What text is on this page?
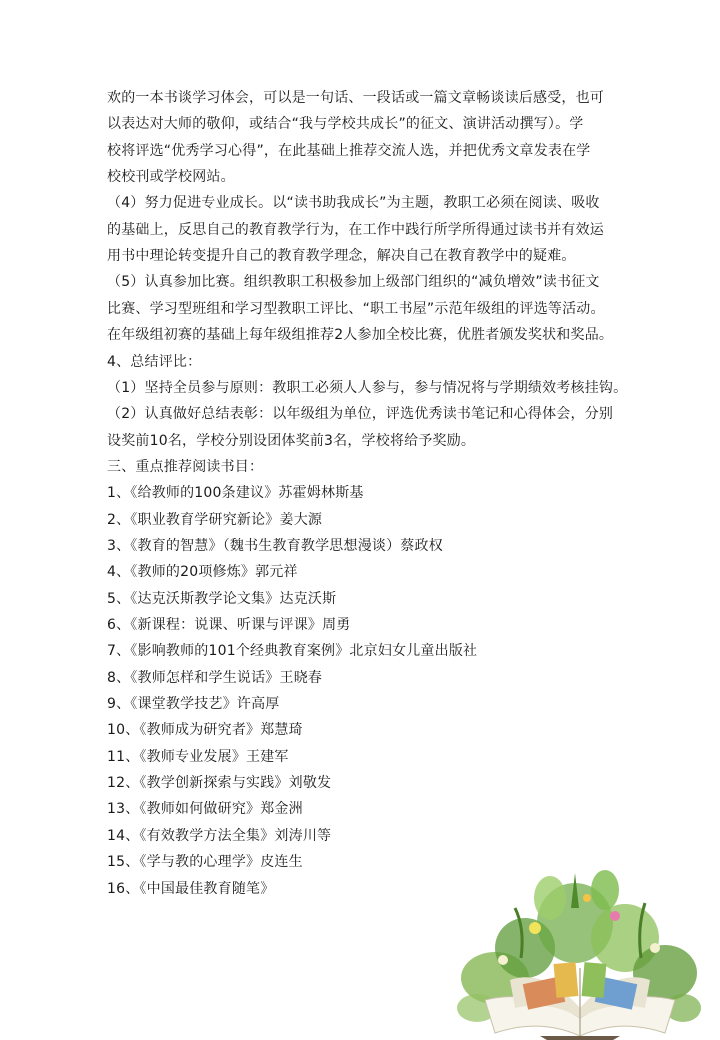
欢的一本书谈学习体会，可以是一句话、一段话或一篇文章畅谈读后感受，也可
以表达对大师的敬仰，或结合“我与学校共成长”的征文、演讲活动撰写）。学
校将评选“优秀学习心得”，在此基础上推荐交流人选，并把优秀文章发表在学
校校刊或学校网站。
（4）努力促进专业成长。以“读书助我成长”为主题，教职工必须在阅读、吸收
的基础上，反思自己的教育教学行为，在工作中践行所学所得通过读书并有效运
用书中理论转变提升自己的教育教学理念，解决自己在教育教学中的疑难。
（5）认真参加比赛。组织教职工积极参加上级部门组织的“减负增效”读书征文
比赛、学习型班组和学习型教职工评比、“职工书屋”示范年级组的评选等活动。
在年级组初赛的基础上每年级组推荐2人参加全校比赛，优胜者颁发奖状和奖品。
4、总结评比：
（1）坚持全员参与原则：教职工必须人人参与，参与情况将与学期绩效考核挂钩。
（2）认真做好总结表彰：以年级组为单位，评选优秀读书笔记和心得体会，分别
设奖前10名，学校分别设团体奖前3名，学校将给予奖励。
三、重点推荐阅读书目：
1、《给教师的100条建议》苏霍姆林斯基
2、《职业教育学研究新论》姜大源
3、《教育的智慧》（魏书生教育教学思想漫谈）蔡政权
4、《教师的20项修炼》郭元祥
5、《达克沃斯教学论文集》达克沃斯
6、《新课程：说课、听课与评课》周勇
7、《影响教师的101个经典教育案例》北京妇女儿童出版社
8、《教师怎样和学生说话》王晓春
9、《课堂教学技艺》许高厚
10、《教师成为研究者》郑慧琦
11、《教师专业发展》王建军
12、《教学创新探索与实践》刘敬发
13、《教师如何做研究》郑金洲
14、《有效教学方法全集》刘涛川等
15、《学与教的心理学》皮连生
16、《中国最佳教育随笔》
